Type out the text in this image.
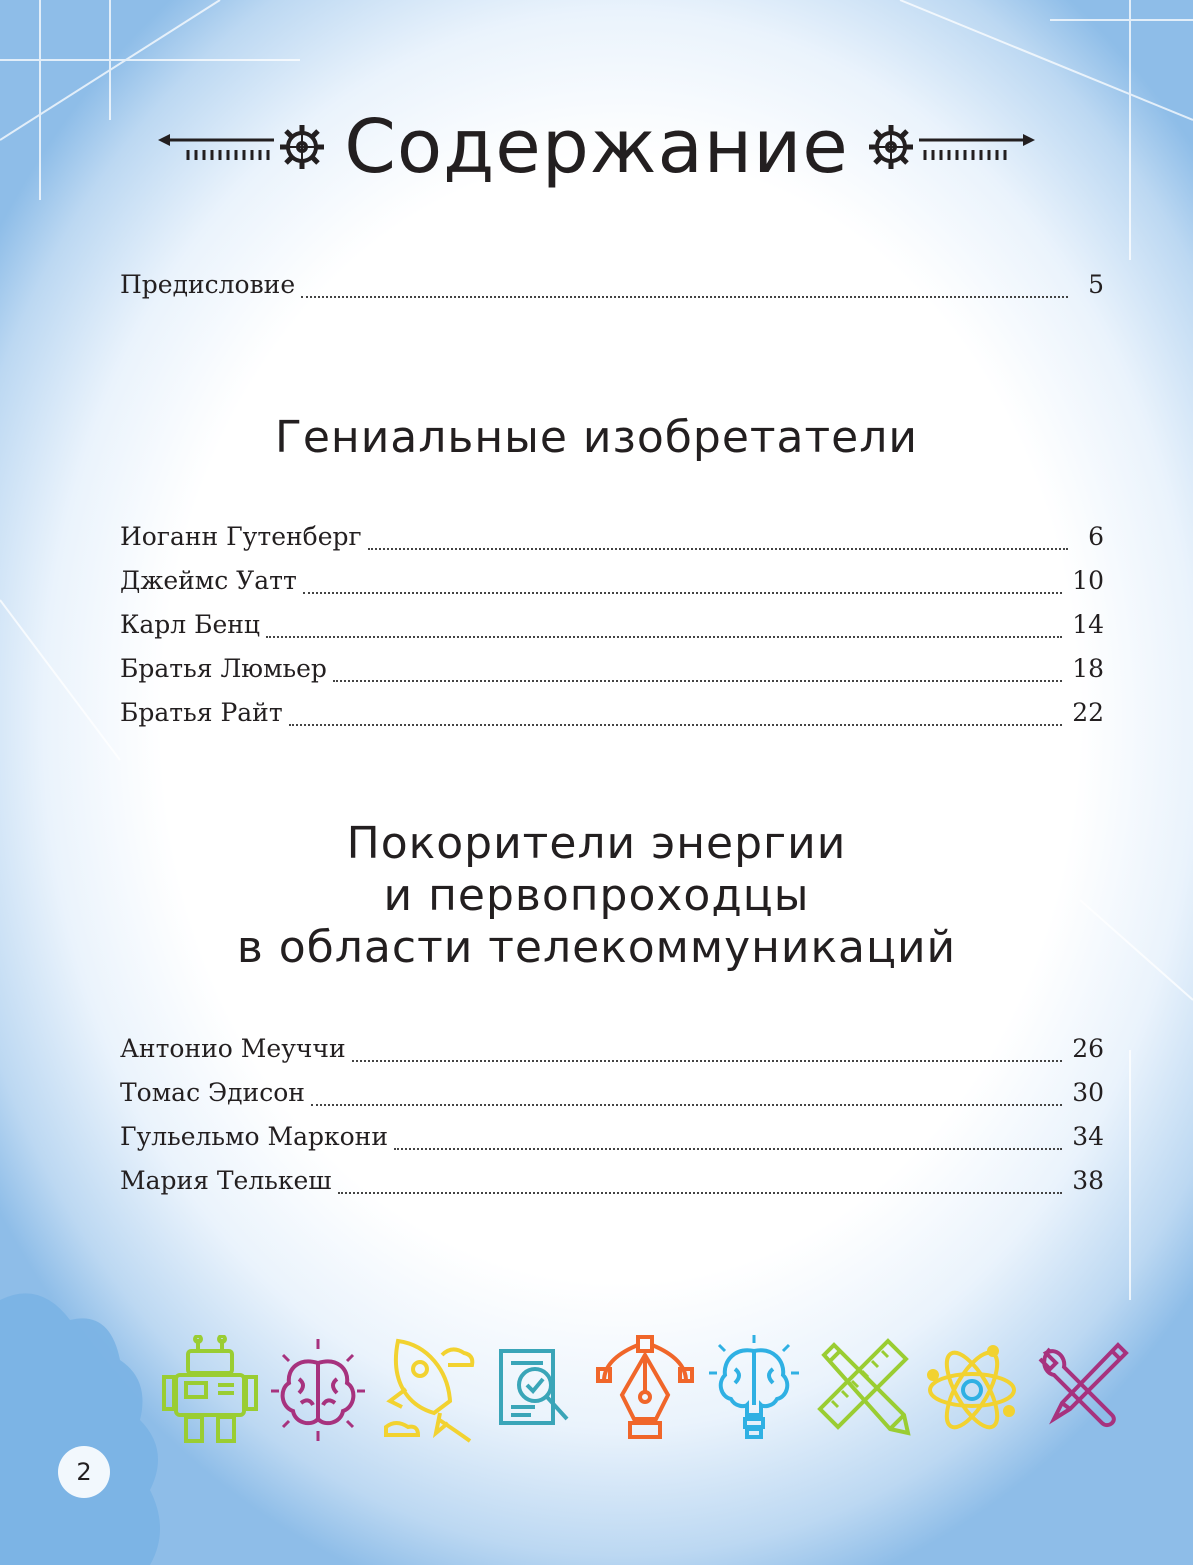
Содержание
Предисловие	5
Гениальные изобретатели
Иоганн Гутенберг	6
Джеймс Уатт	10
Карл Бенц	14
Братья Люмьер	18
Братья Райт	22
Покорители энергии
и первопроходцы
в области телекоммуникаций
Антонио Меуччи	26
Томас Эдисон	30
Гульельмо Маркони	34
Мария Телькеш	38
2
